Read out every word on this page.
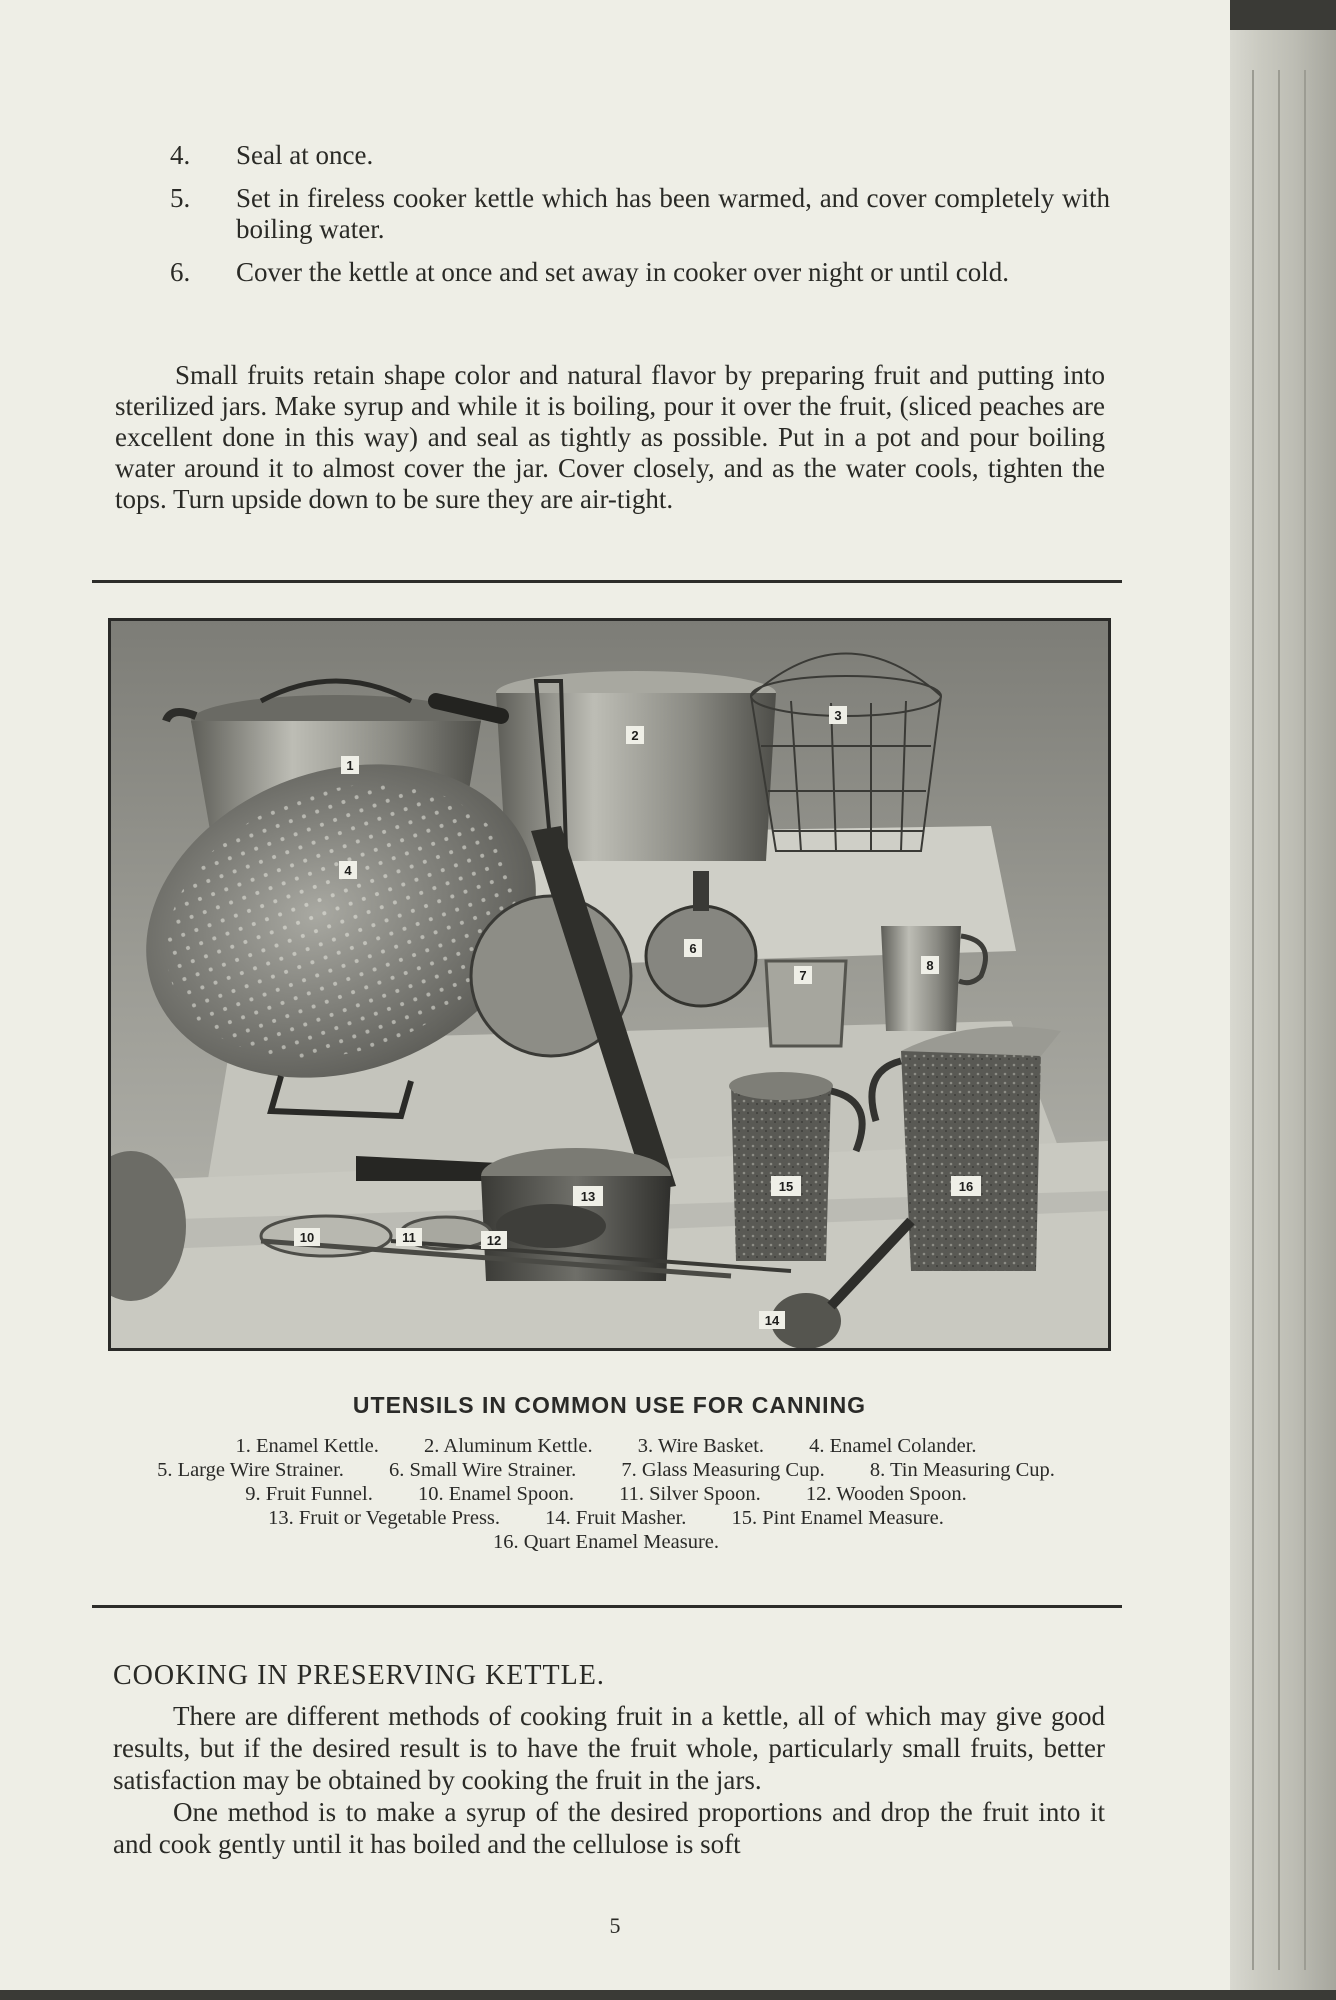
4.	Seal at once.
5.	Set in fireless cooker kettle which has been warmed, and cover completely with boiling water.
6.	Cover the kettle at once and set away in cooker over night or until cold.

Small fruits retain shape color and natural flavor by preparing fruit and putting into sterilized jars. Make syrup and while it is boiling, pour it over the fruit, (sliced peaches are excellent done in this way) and seal as tightly as possible. Put in a pot and pour boiling water around it to almost cover the jar. Cover closely, and as the water cools, tighten the tops. Turn upside down to be sure they are air-tight.

1
2
3
4
6
7
8
10	11	12
13
14
15	16
UTENSILS IN COMMON USE FOR CANNING
1. Enamel Kettle. 2. Aluminum Kettle. 3. Wire Basket. 4. Enamel Colander. 5. Large Wire Strainer. 6. Small Wire Strainer. 7. Glass Measuring Cup. 8. Tin Measuring Cup. 9. Fruit Funnel. 10. Enamel Spoon. 11. Silver Spoon. 12. Wooden Spoon. 13. Fruit or Vegetable Press. 14. Fruit Masher. 15. Pint Enamel Measure. 16. Quart Enamel Measure.
COOKING IN PRESERVING KETTLE.

There are different methods of cooking fruit in a kettle, all of which may give good results, but if the desired result is to have the fruit whole, particularly small fruits, better satisfaction may be obtained by cooking the fruit in the jars.

One method is to make a syrup of the desired proportions and drop the fruit into it and cook gently until it has boiled and the cellulose is soft

5
